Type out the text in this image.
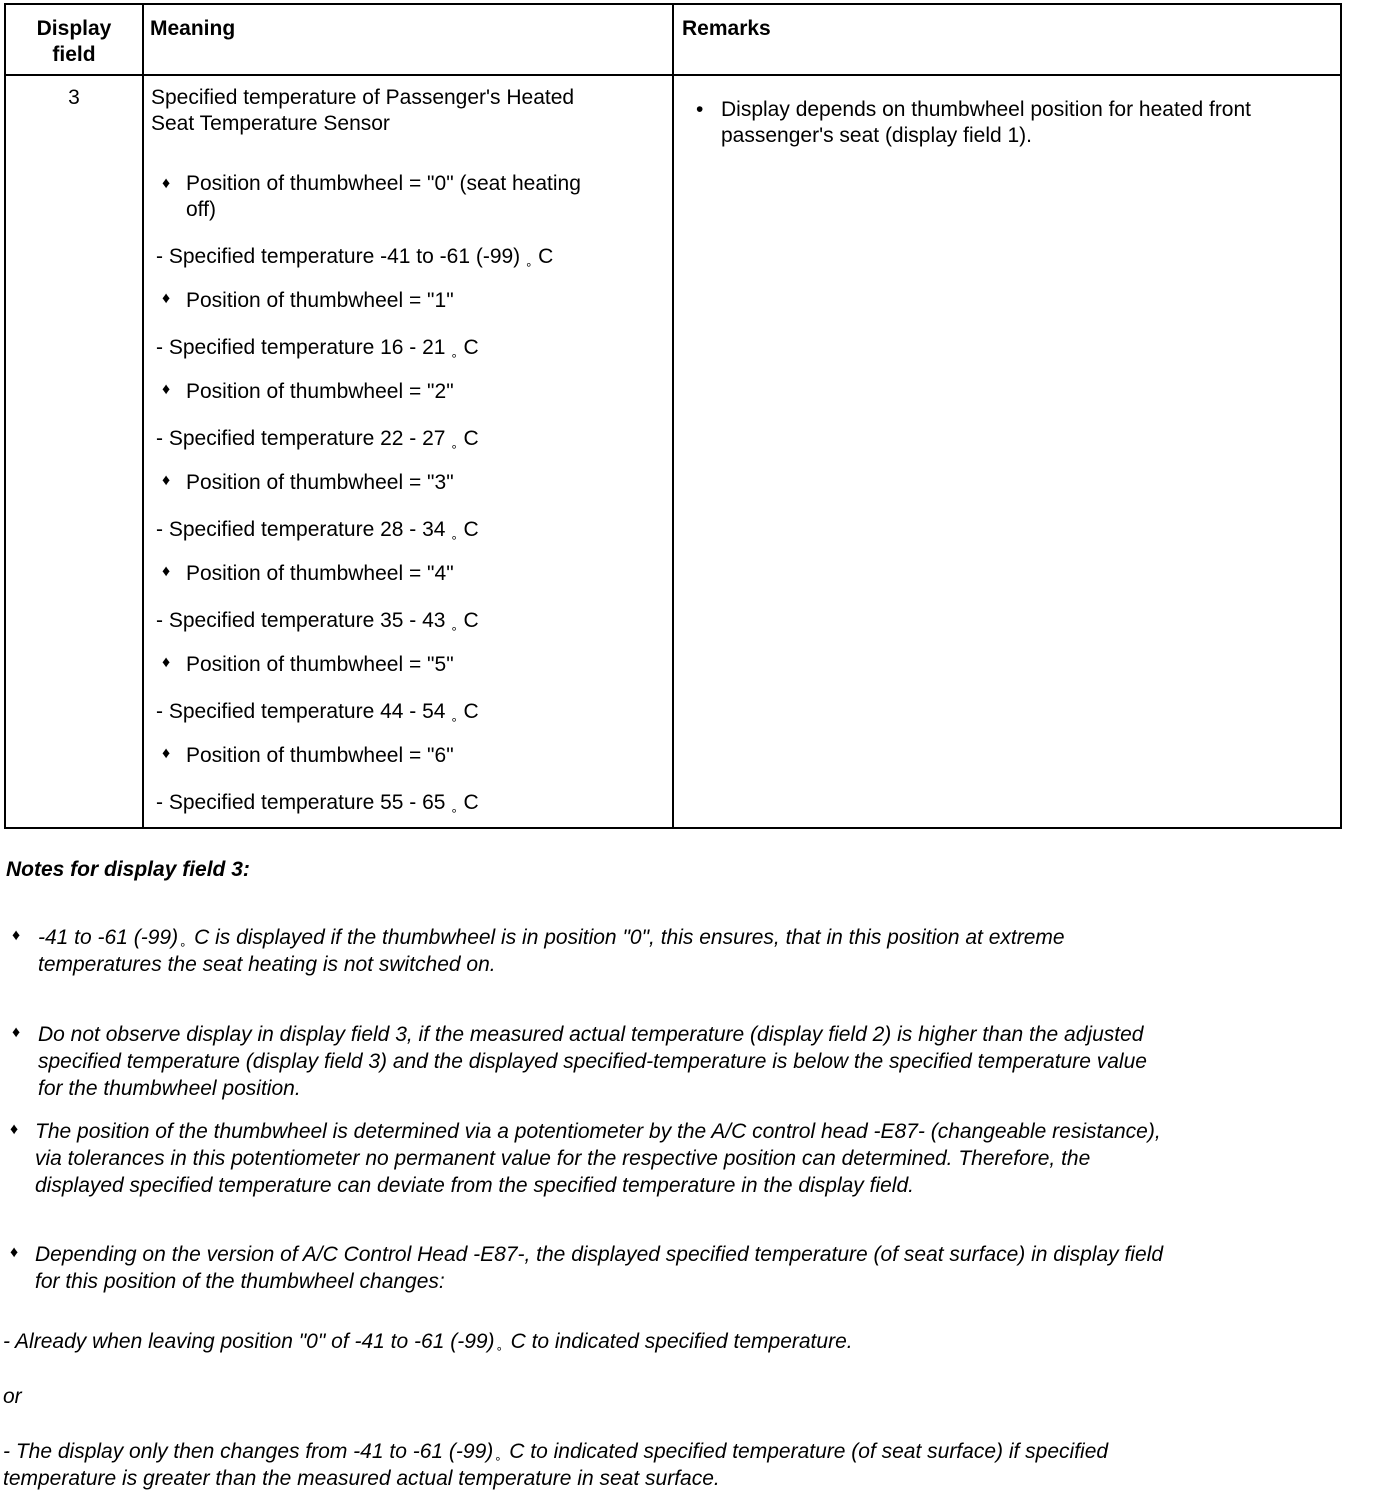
Display
field
Meaning	Remarks
3	Specified temperature of Passenger's Heated
Seat Temperature Sensor
♦ Position of thumbwheel = "0" (seat heating
off)
- Specified temperature -41 to -61 (-99) ° C
♦ Position of thumbwheel = "1"
- Specified temperature 16 - 21 ° C
♦ Position of thumbwheel = "2"
- Specified temperature 22 - 27 ° C
♦ Position of thumbwheel = "3"
- Specified temperature 28 - 34 ° C
♦ Position of thumbwheel = "4"
- Specified temperature 35 - 43 ° C
♦ Position of thumbwheel = "5"
- Specified temperature 44 - 54 ° C
♦ Position of thumbwheel = "6"
- Specified temperature 55 - 65 ° C
• Display depends on thumbwheel position for heated front
passenger's seat (display field 1).
Notes for display field 3:
♦ -41 to -61 (-99) ° C is displayed if the thumbwheel is in position "0", this ensures, that in this position at extreme
temperatures the seat heating is not switched on.
♦ Do not observe display in display field 3, if the measured actual temperature (display field 2) is higher than the adjusted
specified temperature (display field 3) and the displayed specified-temperature is below the specified temperature value
for the thumbwheel position.
♦ The position of the thumbwheel is determined via a potentiometer by the A/C control head -E87- (changeable resistance),
via tolerances in this potentiometer no permanent value for the respective position can determined. Therefore, the
displayed specified temperature can deviate from the specified temperature in the display field.
♦ Depending on the version of A/C Control Head -E87-, the displayed specified temperature (of seat surface) in display field
for this position of the thumbwheel changes:
- Already when leaving position "0" of -41 to -61 (-99) ° C to indicated specified temperature.
or
- The display only then changes from -41 to -61 (-99) ° C to indicated specified temperature (of seat surface) if specified
temperature is greater than the measured actual temperature in seat surface.
